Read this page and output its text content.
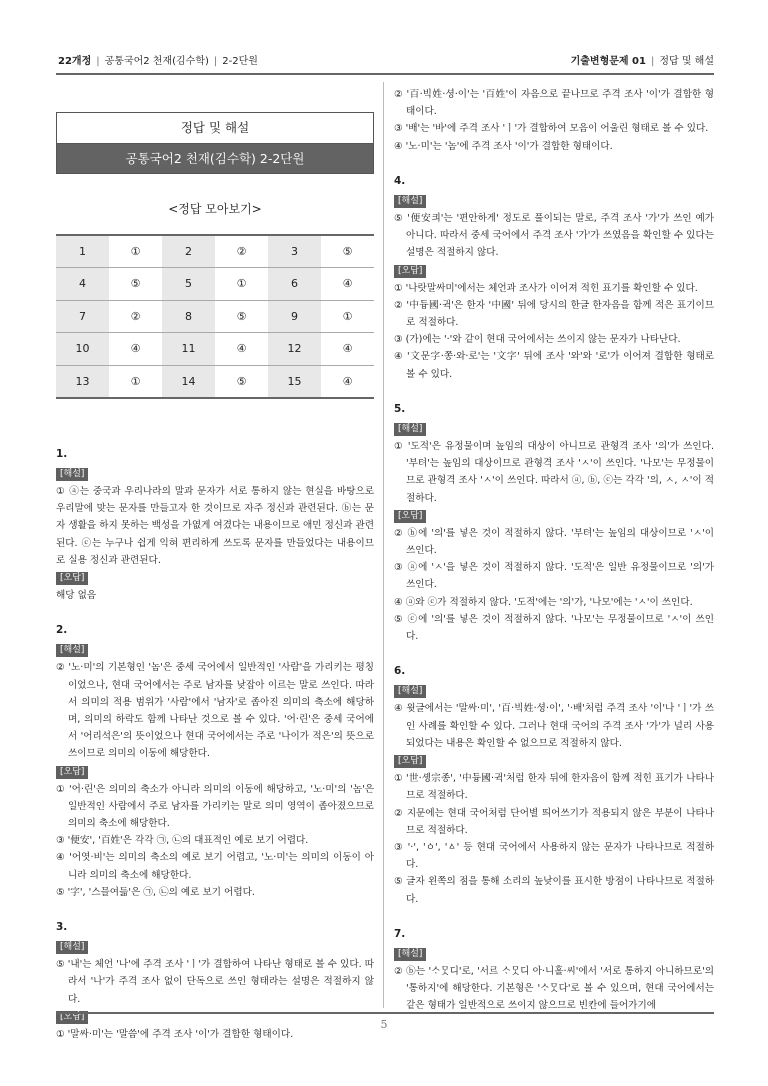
22개정 | 공통국어2 천재(김수학) | 2-2단원	기출변형문제 01 | 정답 및 해설
정답 및 해설
공통국어2 천재(김수학) 2-2단원
<정답 모아보기>
1	①	2	②	3	⑤
4	⑤	5	①	6	④
7	②	8	⑤	9	①
10	④	11	④	12	④
13	①	14	⑤	15	④
1.
[해설]
① ⓐ는 중국과 우리나라의 말과 문자가 서로 통하지 않는 현실을 바탕으로 우리말에 맞는 문자를 만들고자 한 것이므로 자주 정신과 관련된다. ⓑ는 문자 생활을 하지 못하는 백성을 가엾게 여겼다는 내용이므로 애민 정신과 관련된다. ⓒ는 누구나 쉽게 익혀 편리하게 쓰도록 문자를 만들었다는 내용이므로 실용 정신과 관련된다.
[오답]
해당 없음
2.
[해설]
② '노·미'의 기본형인 '놈'은 중세 국어에서 일반적인 '사람'을 가리키는 평칭이었으나, 현대 국어에서는 주로 남자를 낮잡아 이르는 말로 쓰인다. 따라서 의미의 적용 범위가 '사람'에서 '남자'로 좁아진 의미의 축소에 해당하며, 의미의 하락도 함께 나타난 것으로 볼 수 있다. '어·린'은 중세 국어에서 '어리석은'의 뜻이었으나 현대 국어에서는 주로 '나이가 적은'의 뜻으로 쓰이므로 의미의 이동에 해당한다.
[오답]
① '어·린'은 의미의 축소가 아니라 의미의 이동에 해당하고, '노·미'의 '놈'은 일반적인 사람에서 주로 남자를 가리키는 말로 의미 영역이 좁아졌으므로 의미의 축소에 해당한다.
③ '便安', '百姓'은 각각 ㉠, ㉡의 대표적인 예로 보기 어렵다.
④ '어엿·비'는 의미의 축소의 예로 보기 어렵고, '노·미'는 의미의 이동이 아니라 의미의 축소에 해당한다.
⑤ '字', '스믈여듧'은 ㉠, ㉡의 예로 보기 어렵다.
3.
[해설]
⑤ '내'는 체언 '나'에 주격 조사 'ㅣ'가 결합하여 나타난 형태로 볼 수 있다. 따라서 '나'가 주격 조사 없이 단독으로 쓰인 형태라는 설명은 적절하지 않다.
[오답]
① '말싸·미'는 '말씀'에 주격 조사 '이'가 결합한 형태이다.
② '百·빅姓·셩·이'는 '百姓'이 자음으로 끝나므로 주격 조사 '이'가 결합한 형태이다.
③ '배'는 '바'에 주격 조사 'ㅣ'가 결합하여 모음이 어울린 형태로 볼 수 있다.
④ '노·미'는 '놈'에 주격 조사 '이'가 결합한 형태이다.
4.
[해설]
⑤ '便安킈'는 '편안하게' 정도로 풀이되는 말로, 주격 조사 '가'가 쓰인 예가 아니다. 따라서 중세 국어에서 주격 조사 '가'가 쓰였음을 확인할 수 있다는 설명은 적절하지 않다.
[오답]
① '나랏말싸미'에서는 체언과 조사가 이어져 적힌 표기를 확인할 수 있다.
② '中듕國·귁'은 한자 '中國' 뒤에 당시의 한글 한자음을 함께 적은 표기이므로 적절하다.
③ (가)에는 '·'와 같이 현대 국어에서는 쓰이지 않는 문자가 나타난다.
④ '文문字·쫑·와·로'는 '文字' 뒤에 조사 '와'와 '로'가 이어져 결합한 형태로 볼 수 있다.
5.
[해설]
① '도적'은 유정물이며 높임의 대상이 아니므로 관형격 조사 '의'가 쓰인다. '부텨'는 높임의 대상이므로 관형격 조사 'ㅅ'이 쓰인다. '나모'는 무정물이므로 관형격 조사 'ㅅ'이 쓰인다. 따라서 ⓐ, ⓑ, ⓒ는 각각 '의, ㅅ, ㅅ'이 적절하다.
[오답]
② ⓑ에 '의'를 넣은 것이 적절하지 않다. '부텨'는 높임의 대상이므로 'ㅅ'이 쓰인다.
③ ⓐ에 'ㅅ'을 넣은 것이 적절하지 않다. '도적'은 일반 유정물이므로 '의'가 쓰인다.
④ ⓐ와 ⓒ가 적절하지 않다. '도적'에는 '의'가, '나모'에는 'ㅅ'이 쓰인다.
⑤ ⓒ에 '의'를 넣은 것이 적절하지 않다. '나모'는 무정물이므로 'ㅅ'이 쓰인다.
6.
[해설]
④ 윗글에서는 '말싸·미', '百·빅姓·셩·이', '·배'처럼 주격 조사 '이'나 'ㅣ'가 쓰인 사례를 확인할 수 있다. 그러나 현대 국어의 주격 조사 '가'가 널리 사용되었다는 내용은 확인할 수 없으므로 적절하지 않다.
[오답]
① '世·솅宗종', '中듕國·귁'처럼 한자 뒤에 한자음이 함께 적힌 표기가 나타나므로 적절하다.
② 지문에는 현대 국어처럼 단어별 띄어쓰기가 적용되지 않은 부분이 나타나므로 적절하다.
③ '·', 'ㆁ', 'ㅿ' 등 현대 국어에서 사용하지 않는 문자가 나타나므로 적절하다.
⑤ 글자 왼쪽의 점을 통해 소리의 높낮이를 표시한 방점이 나타나므로 적절하다.
7.
[해설]
② ⓑ는 'ᄉᆞᄆᆞᆺ디'로, '서르 ᄉᆞᄆᆞᆺ디 아·니홀·씨'에서 '서로 통하지 아니하므로'의 '통하지'에 해당한다. 기본형은 'ᄉᆞᄆᆞᆺ다'로 볼 수 있으며, 현대 국어에서는 같은 형태가 일반적으로 쓰이지 않으므로 빈칸에 들어가기에
5
